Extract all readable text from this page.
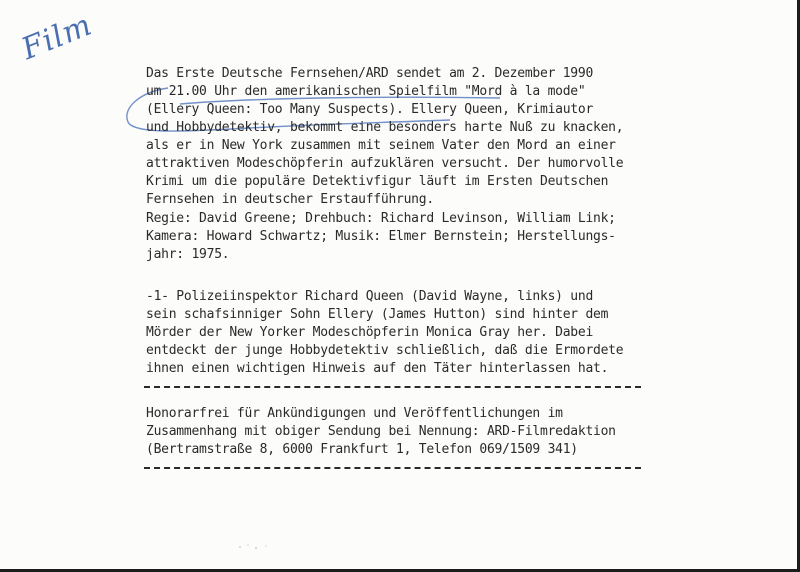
Film
Das Erste Deutsche Fernsehen/ARD sendet am 2. Dezember 1990
um 21.00 Uhr den amerikanischen Spielfilm "Mord à la mode"
(Ellery Queen: Too Many Suspects). Ellery Queen, Krimiautor
und Hobbydetektiv, bekommt eine besonders harte Nuß zu knacken,
als er in New York zusammen mit seinem Vater den Mord an einer
attraktiven Modeschöpferin aufzuklären versucht. Der humorvolle
Krimi um die populäre Detektivfigur läuft im Ersten Deutschen
Fernsehen in deutscher Erstaufführung.
Regie: David Greene; Drehbuch: Richard Levinson, William Link;
Kamera: Howard Schwartz; Musik: Elmer Bernstein; Herstellungs-
jahr: 1975.
-1- Polizeiinspektor Richard Queen (David Wayne, links) und
sein schafsinniger Sohn Ellery (James Hutton) sind hinter dem
Mörder der New Yorker Modeschöpferin Monica Gray her. Dabei
entdeckt der junge Hobbydetektiv schließlich, daß die Ermordete
ihnen einen wichtigen Hinweis auf den Täter hinterlassen hat.
Honorarfrei für Ankündigungen und Veröffentlichungen im
Zusammenhang mit obiger Sendung bei Nennung: ARD-Filmredaktion
(Bertramstraße 8, 6000 Frankfurt 1, Telefon 069/1509 341)
